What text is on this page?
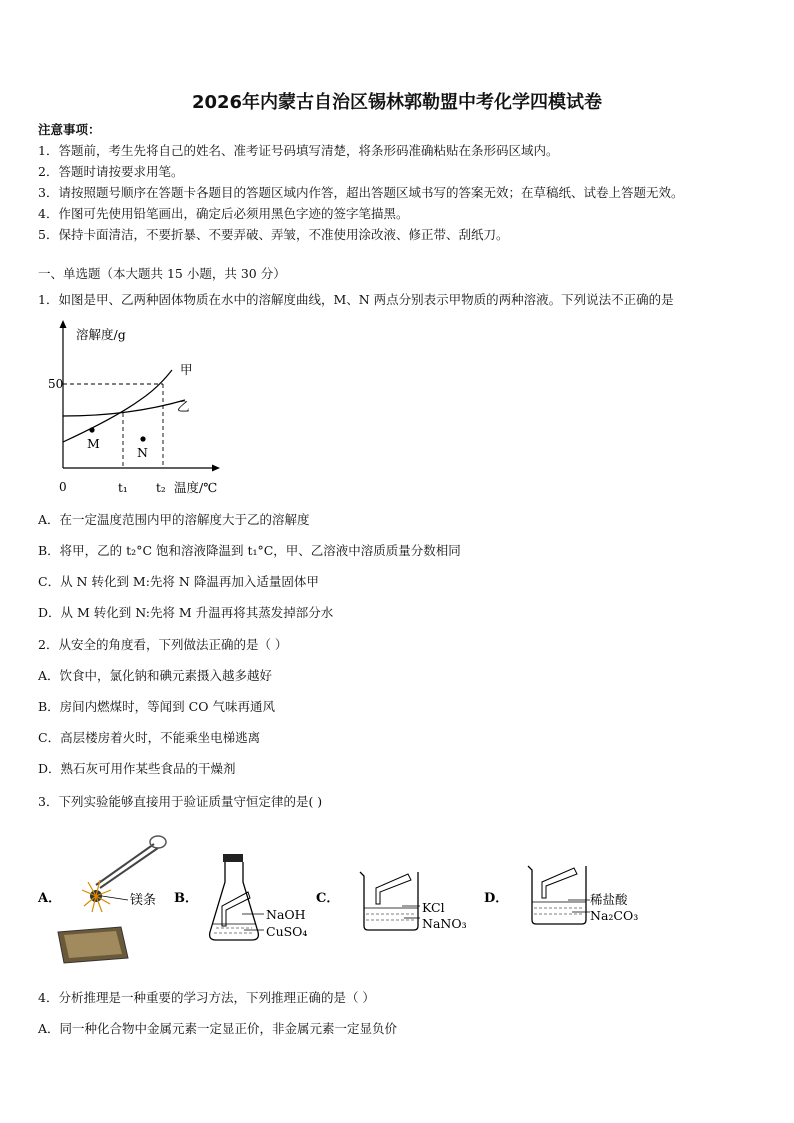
2026年内蒙古自治区锡林郭勒盟中考化学四模试卷
注意事项：
1．答题前，考生先将自己的姓名、准考证号码填写清楚，将条形码准确粘贴在条形码区域内。
2．答题时请按要求用笔。
3．请按照题号顺序在答题卡各题目的答题区域内作答，超出答题区域书写的答案无效；在草稿纸、试卷上答题无效。
4．作图可先使用铅笔画出，确定后必须用黑色字迹的签字笔描黑。
5．保持卡面清洁，不要折暴、不要弄破、弄皱，不准使用涂改液、修正带、刮纸刀。
一、单选题（本大题共 15 小题，共 30 分）
1．如图是甲、乙两种固体物质在水中的溶解度曲线，M、N 两点分别表示甲物质的两种溶液。下列说法不正确的是
溶解度/g
50
0	t₁ t₂ 温度/℃
甲
乙
M
N
A．在一定温度范围内甲的溶解度大于乙的溶解度
B．将甲，乙的 t₂°C 饱和溶液降温到 t₁°C，甲、乙溶液中溶质质量分数相同
C．从 N 转化到 M:先将 N 降温再加入适量固体甲
D．从 M 转化到 N:先将 M 升温再将其蒸发掉部分水
2．从安全的角度看，下列做法正确的是（ ）
A．饮食中，氯化钠和碘元素摄入越多越好
B．房间内燃煤时，等闻到 CO 气味再通风
C．高层楼房着火时，不能乘坐电梯逃离
D．熟石灰可用作某些食品的干燥剂
3．下列实验能够直接用于验证质量守恒定律的是( )
A．	镁条 B．
NaOH
CuSO₄
C．
KCl
NaNO₃
D．	稀盐酸
Na₂CO₃
4．分析推理是一种重要的学习方法，下列推理正确的是（ ）
A．同一种化合物中金属元素一定显正价，非金属元素一定显负价
